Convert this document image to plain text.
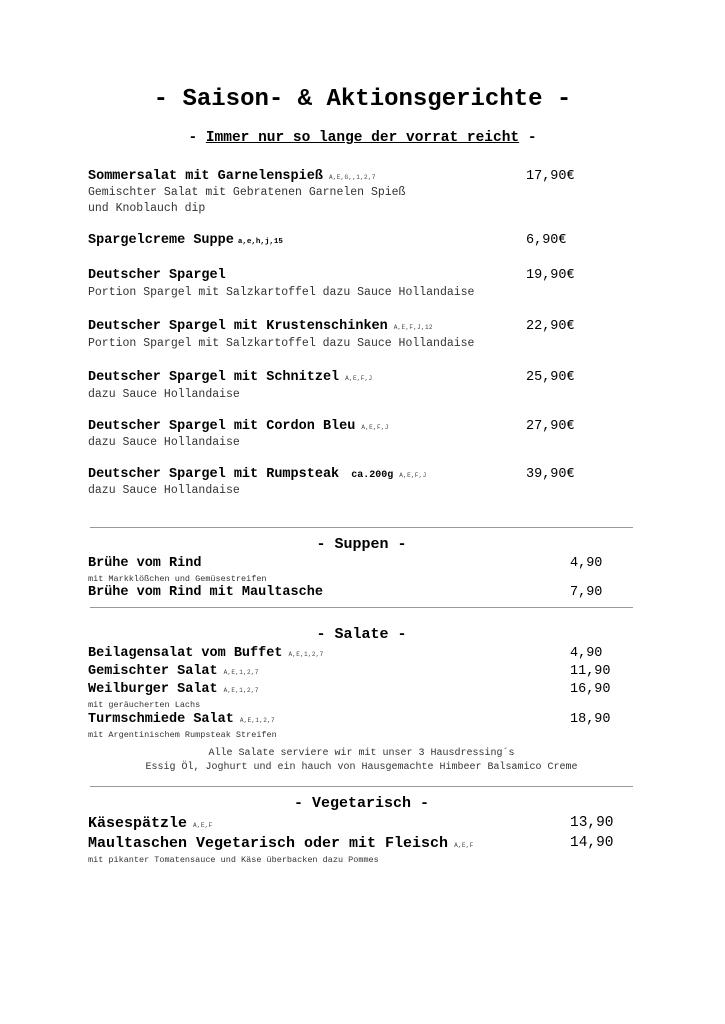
- Saison- & Aktionsgerichte -
- Immer nur so lange der vorrat reicht -
Sommersalat mit Garnelenspieß A,E,G,,1,2,7	17,90€
Gemischter Salat mit Gebratenen Garnelen Spieß
und Knoblauch dip
Spargelcreme Suppe a,e,h,j,15	6,90€
Deutscher Spargel	19,90€
Portion Spargel mit Salzkartoffel dazu Sauce Hollandaise
Deutscher Spargel mit Krustenschinken A,E,F,J,12	22,90€
Portion Spargel mit Salzkartoffel dazu Sauce Hollandaise
Deutscher Spargel mit Schnitzel A,E,F,J	25,90€
dazu Sauce Hollandaise
Deutscher Spargel mit Cordon Bleu A,E,F,J	27,90€
dazu Sauce Hollandaise
Deutscher Spargel mit Rumpsteak ca.200g A,E,F,J	39,90€
dazu Sauce Hollandaise
- Suppen -
Brühe vom Rind	4,90
mit Markklößchen und Gemüsestreifen
Brühe vom Rind mit Maultasche	7,90
- Salate -
Beilagensalat vom Buffet A,E,1,2,7	4,90
Gemischter Salat A,E,1,2,7	11,90
Weilburger Salat A,E,1,2,7	16,90
mit geräucherten Lachs
Turmschmiede Salat A,E,1,2,7	18,90
mit Argentinischem Rumpsteak Streifen
Alle Salate serviere wir mit unser 3 Hausdressing´s
Essig Öl, Joghurt und ein hauch von Hausgemachte Himbeer Balsamico Creme
- Vegetarisch -
Käsespätzle A,E,F	13,90
Maultaschen Vegetarisch oder mit Fleisch A,E,F	14,90
mit pikanter Tomatensauce und Käse überbacken dazu Pommes
